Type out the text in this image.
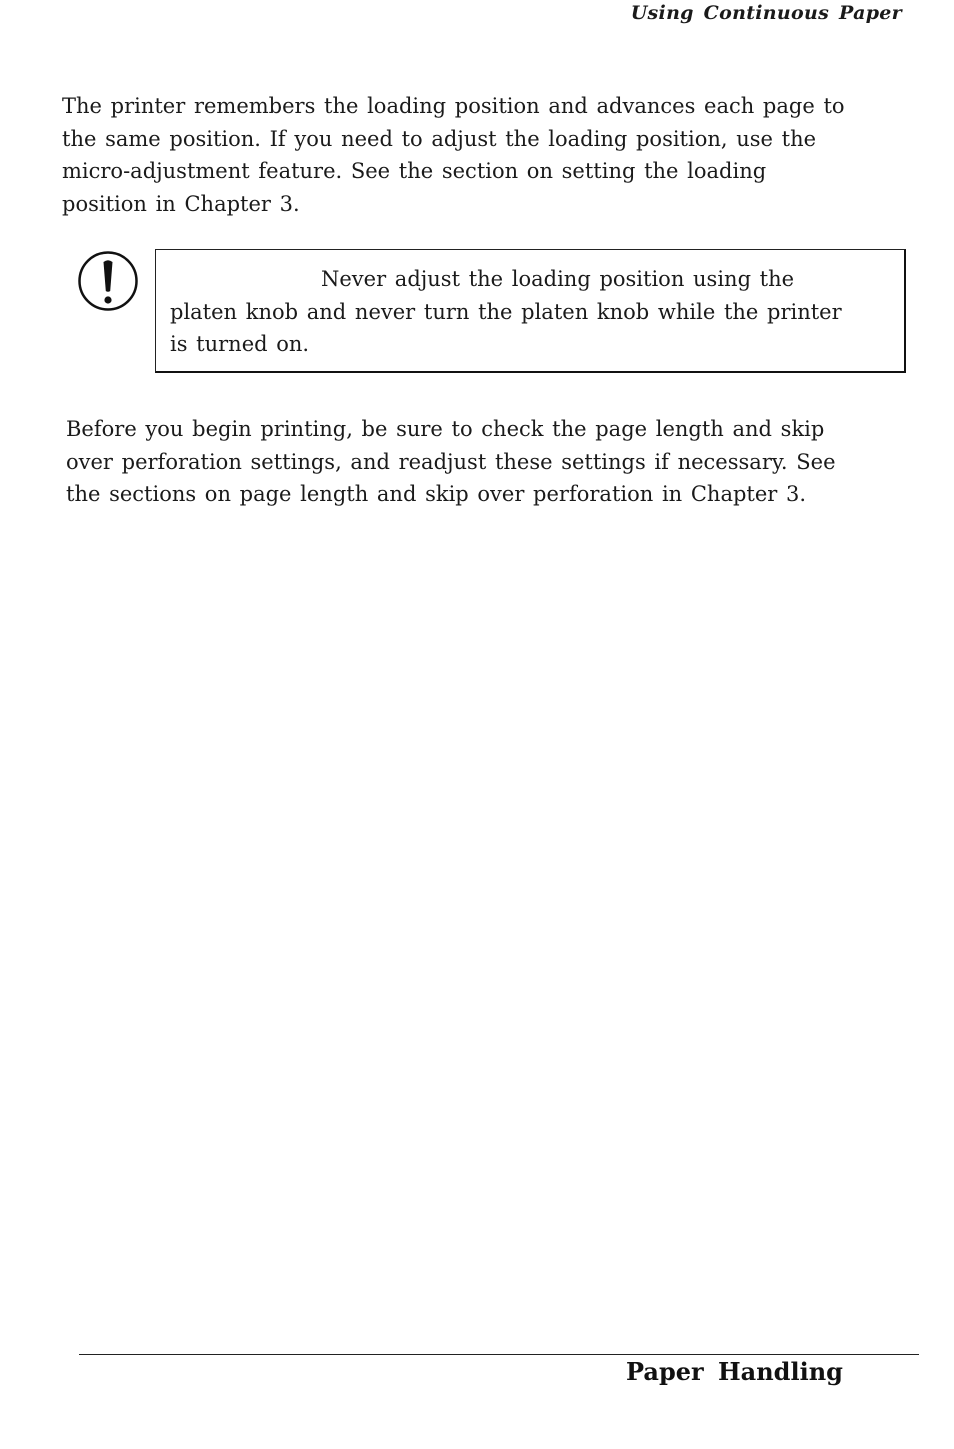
Using Continuous Paper
The printer remembers the loading position and advances each page to
the same position. If you need to adjust the loading position, use the
micro-adjustment feature. See the section on setting the loading
position in Chapter 3.
Never adjust the loading position using the
platen knob and never turn the platen knob while the printer
is turned on.
Before you begin printing, be sure to check the page length and skip
over perforation settings, and readjust these settings if necessary. See
the sections on page length and skip over perforation in Chapter 3.
Paper Handling
